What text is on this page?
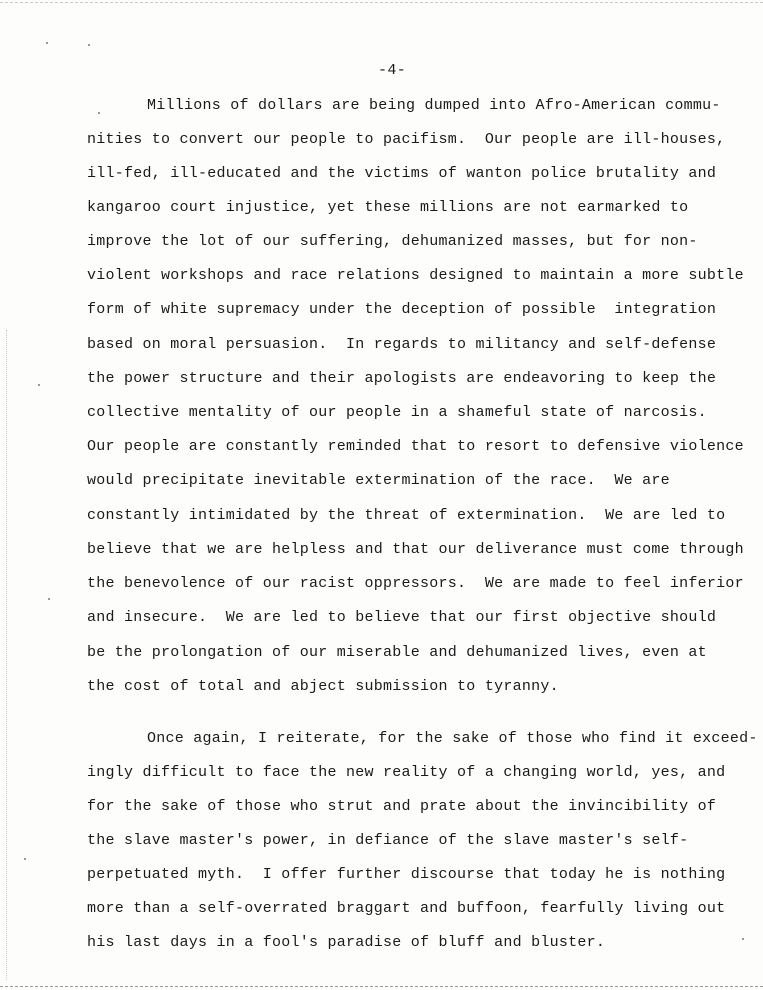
-4-
Millions of dollars are being dumped into Afro-American commu-
nities to convert our people to pacifism.  Our people are ill-houses,
ill-fed, ill-educated and the victims of wanton police brutality and
kangaroo court injustice, yet these millions are not earmarked to
improve the lot of our suffering, dehumanized masses, but for non-
violent workshops and race relations designed to maintain a more subtle
form of white supremacy under the deception of possible  integration
based on moral persuasion.  In regards to militancy and self-defense
the power structure and their apologists are endeavoring to keep the
collective mentality of our people in a shameful state of narcosis.
Our people are constantly reminded that to resort to defensive violence
would precipitate inevitable extermination of the race.  We are
constantly intimidated by the threat of extermination.  We are led to
believe that we are helpless and that our deliverance must come through
the benevolence of our racist oppressors.  We are made to feel inferior
and insecure.  We are led to believe that our first objective should
be the prolongation of our miserable and dehumanized lives, even at
the cost of total and abject submission to tyranny.
Once again, I reiterate, for the sake of those who find it exceed-
ingly difficult to face the new reality of a changing world, yes, and
for the sake of those who strut and prate about the invincibility of
the slave master's power, in defiance of the slave master's self-
perpetuated myth.  I offer further discourse that today he is nothing
more than a self-overrated braggart and buffoon, fearfully living out
his last days in a fool's paradise of bluff and bluster.
